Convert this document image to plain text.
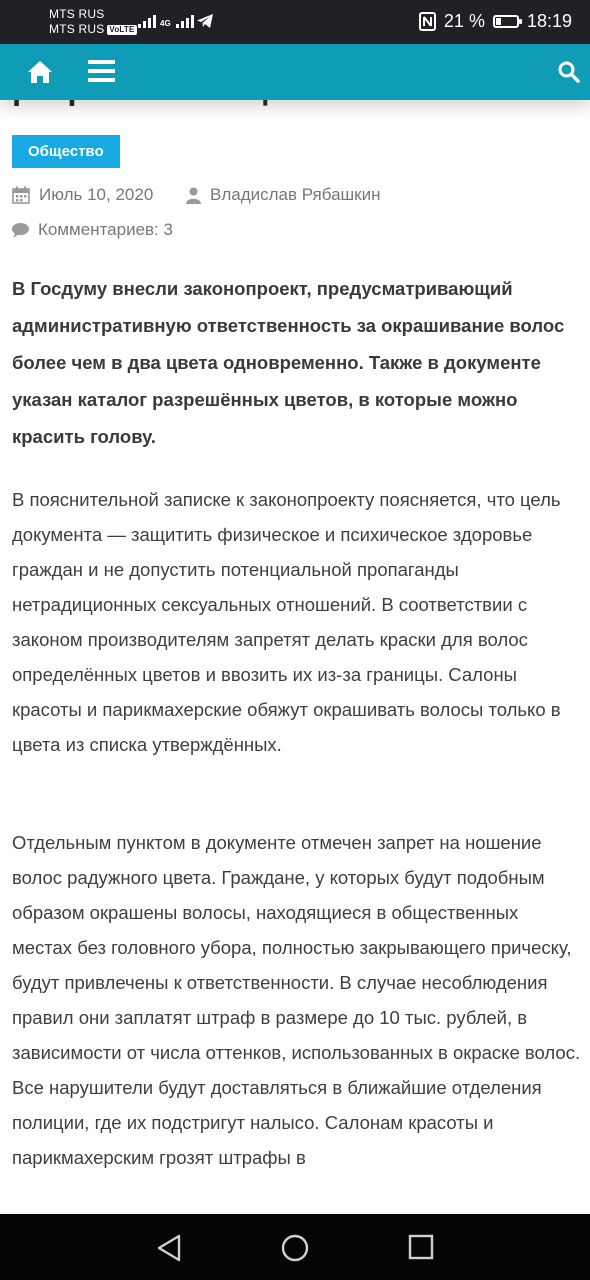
MTS RUS
MTS RUS VoLTE
4G	21 % 18:19
Общество
Июль 10, 2020	Владислав Рябашкин
Комментариев: 3

В Госдуму внесли законопроект, предусматривающий административную ответственность за окрашивание волос более чем в два цвета одновременно. Также в документе указан каталог разрешённых цветов, в которые можно красить голову.

В пояснительной записке к законопроекту поясняется, что цель документа — защитить физическое и психическое здоровье граждан и не допустить потенциальной пропаганды нетрадиционных сексуальных отношений. В соответствии с законом производителям запретят делать краски для волос определённых цветов и ввозить их из-за границы. Салоны красоты и парикмахерские обяжут окрашивать волосы только в цвета из списка утверждённых.

Отдельным пунктом в документе отмечен запрет на ношение волос радужного цвета. Граждане, у которых будут подобным образом окрашены волосы, находящиеся в общественных местах без головного убора, полностью закрывающего прическу, будут привлечены к ответственности. В случае несоблюдения правил они заплатят штраф в размере до 10 тыс. рублей, в зависимости от числа оттенков, использованных в окраске волос. Все нарушители будут доставляться в ближайшие отделения полиции, где их подстригут налысо. Салонам красоты и парикмахерским грозят штрафы в
